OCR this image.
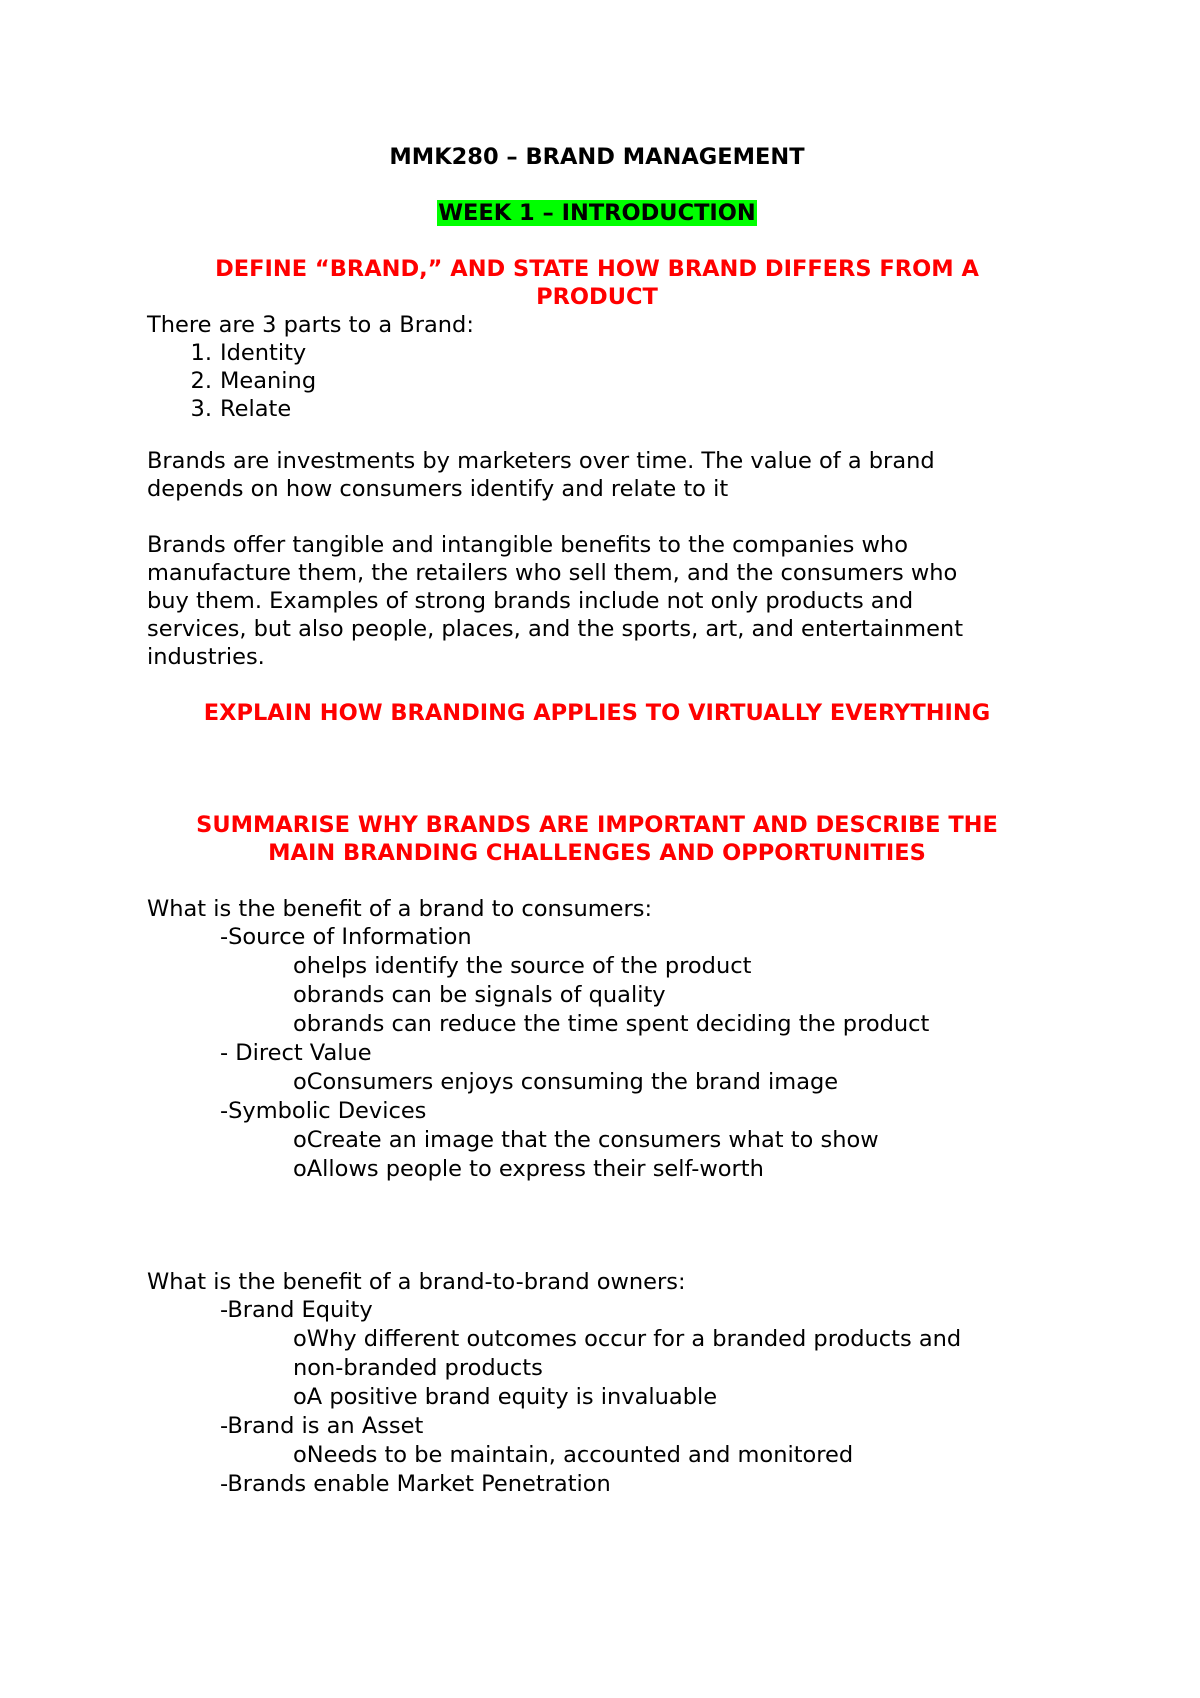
MMK280 – BRAND MANAGEMENT

WEEK 1 – INTRODUCTION

DEFINE “BRAND,” AND STATE HOW BRAND DIFFERS FROM A

PRODUCT

There are 3 parts to a Brand:

1. Identity
2. Meaning
3. Relate

Brands are investments by marketers over time. The value of a brand

depends on how consumers identify and relate to it

Brands offer tangible and intangible benefits to the companies who

manufacture them, the retailers who sell them, and the consumers who

buy them. Examples of strong brands include not only products and

services, but also people, places, and the sports, art, and entertainment

industries.

EXPLAIN HOW BRANDING APPLIES TO VIRTUALLY EVERYTHING

SUMMARISE WHY BRANDS ARE IMPORTANT AND DESCRIBE THE

MAIN BRANDING CHALLENGES AND OPPORTUNITIES

What is the benefit of a brand to consumers:

-Source of Information
ohelps identify the source of the product
obrands can be signals of quality
obrands can reduce the time spent deciding the product
- Direct Value
oConsumers enjoys consuming the brand image
-Symbolic Devices
oCreate an image that the consumers what to show
oAllows people to express their self-worth

What is the benefit of a brand-to-brand owners:

-Brand Equity
oWhy different outcomes occur for a branded products and
non-branded products
oA positive brand equity is invaluable
-Brand is an Asset
oNeeds to be maintain, accounted and monitored
-Brands enable Market Penetration
